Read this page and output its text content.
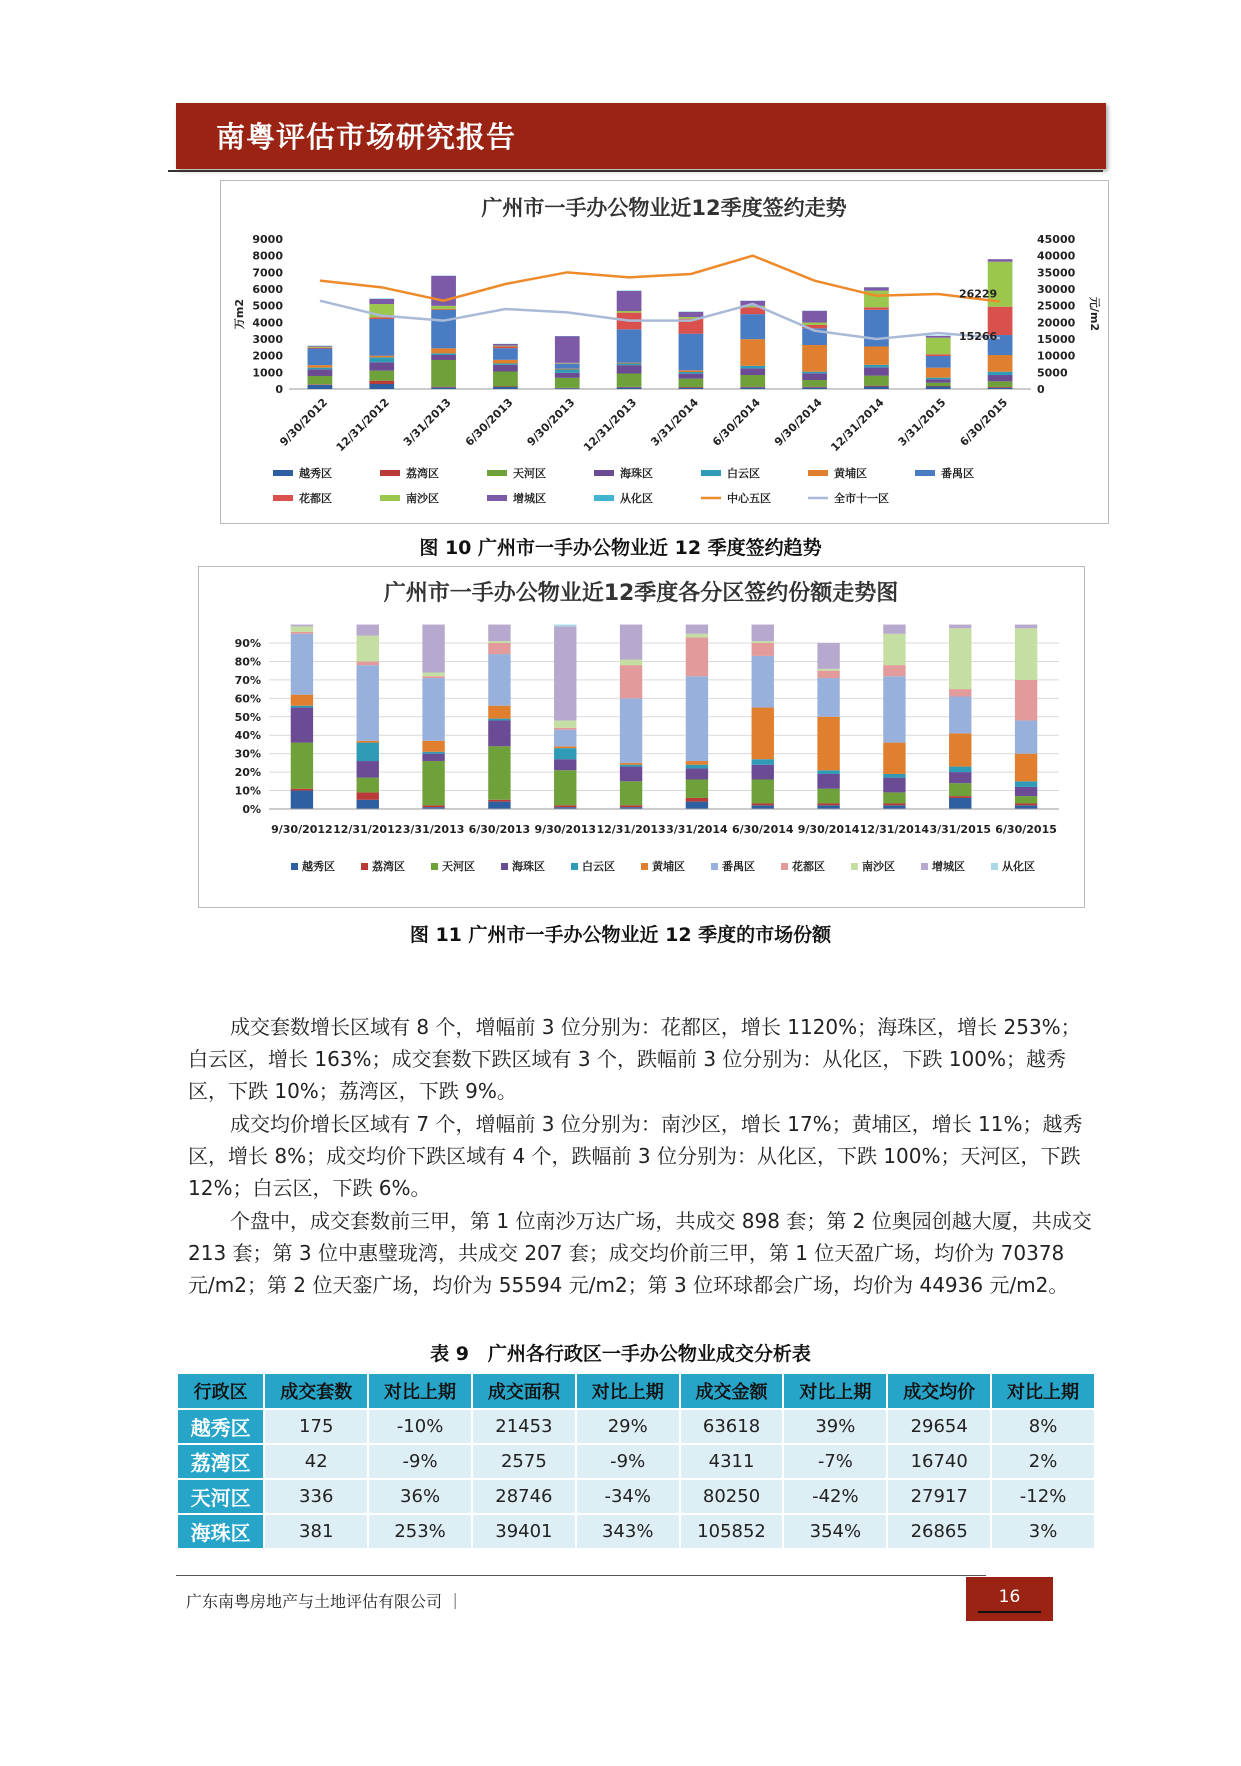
南粤评估市场研究报告
广州市一手办公物业近12季度签约走势
0
1000
2000
3000
4000
5000
6000
7000
8000
9000
0
5000
10000
15000
20000
25000
30000
35000
40000
45000
万m2	元/m2
9/30/2012 12/31/2012 3/31/2013 6/30/2013 9/30/2013 12/31/2013 3/31/2014 6/30/2014 9/30/2014 12/31/2014 3/31/2015 6/30/2015
26229
15266
越秀区	荔湾区	天河区	海珠区	白云区	黄埔区	番禺区
花都区	南沙区	增城区	从化区	中心五区	全市十一区
图 10 广州市一手办公物业近 12 季度签约趋势
广州市一手办公物业近12季度各分区签约份额走势图
0%
10%
20%
30%
40%
50%
60%
70%
80%
90%
9/30/2012 12/31/2012 3/31/2013 6/30/2013 9/30/2013 12/31/2013 3/31/2014 6/30/2014 9/30/2014 12/31/2014 3/31/2015 6/30/2015
越秀区	荔湾区	天河区	海珠区	白云区	黄埔区	番禺区	花都区	南沙区	增城区	从化区
图 11 广州市一手办公物业近 12 季度的市场份额

成交套数增长区域有 8 个，增幅前 3 位分别为：花都区，增长 1120%；海珠区，增长 253%；白云区，增长 163%；成交套数下跌区域有 3 个，跌幅前 3 位分别为：从化区，下跌 100%；越秀区，下跌 10%；荔湾区，下跌 9%。

成交均价增长区域有 7 个，增幅前 3 位分别为：南沙区，增长 17%；黄埔区，增长 11%；越秀区，增长 8%；成交均价下跌区域有 4 个，跌幅前 3 位分别为：从化区，下跌 100%；天河区，下跌 12%；白云区，下跌 6%。

个盘中，成交套数前三甲，第 1 位南沙万达广场，共成交 898 套；第 2 位奥园创越大厦，共成交 213 套；第 3 位中惠璧珑湾，共成交 207 套；成交均价前三甲，第 1 位天盈广场，均价为 70378 元/m2；第 2 位天銮广场，均价为 55594 元/m2；第 3 位环球都会广场，均价为 44936 元/m2。

表 9　广州各行政区一手办公物业成交分析表
行政区	成交套数	对比上期	成交面积	对比上期	成交金额	对比上期	成交均价	对比上期
越秀区	175	-10%	21453	29%	63618	39%	29654	8%
荔湾区	42	-9%	2575	-9%	4311	-7%	16740	2%
天河区	336	36%	28746	-34%	80250	-42%	27917	-12%
海珠区	381	253%	39401	343%	105852	354%	26865	3%
广东南粤房地产与土地评估有限公司 ｜	16
